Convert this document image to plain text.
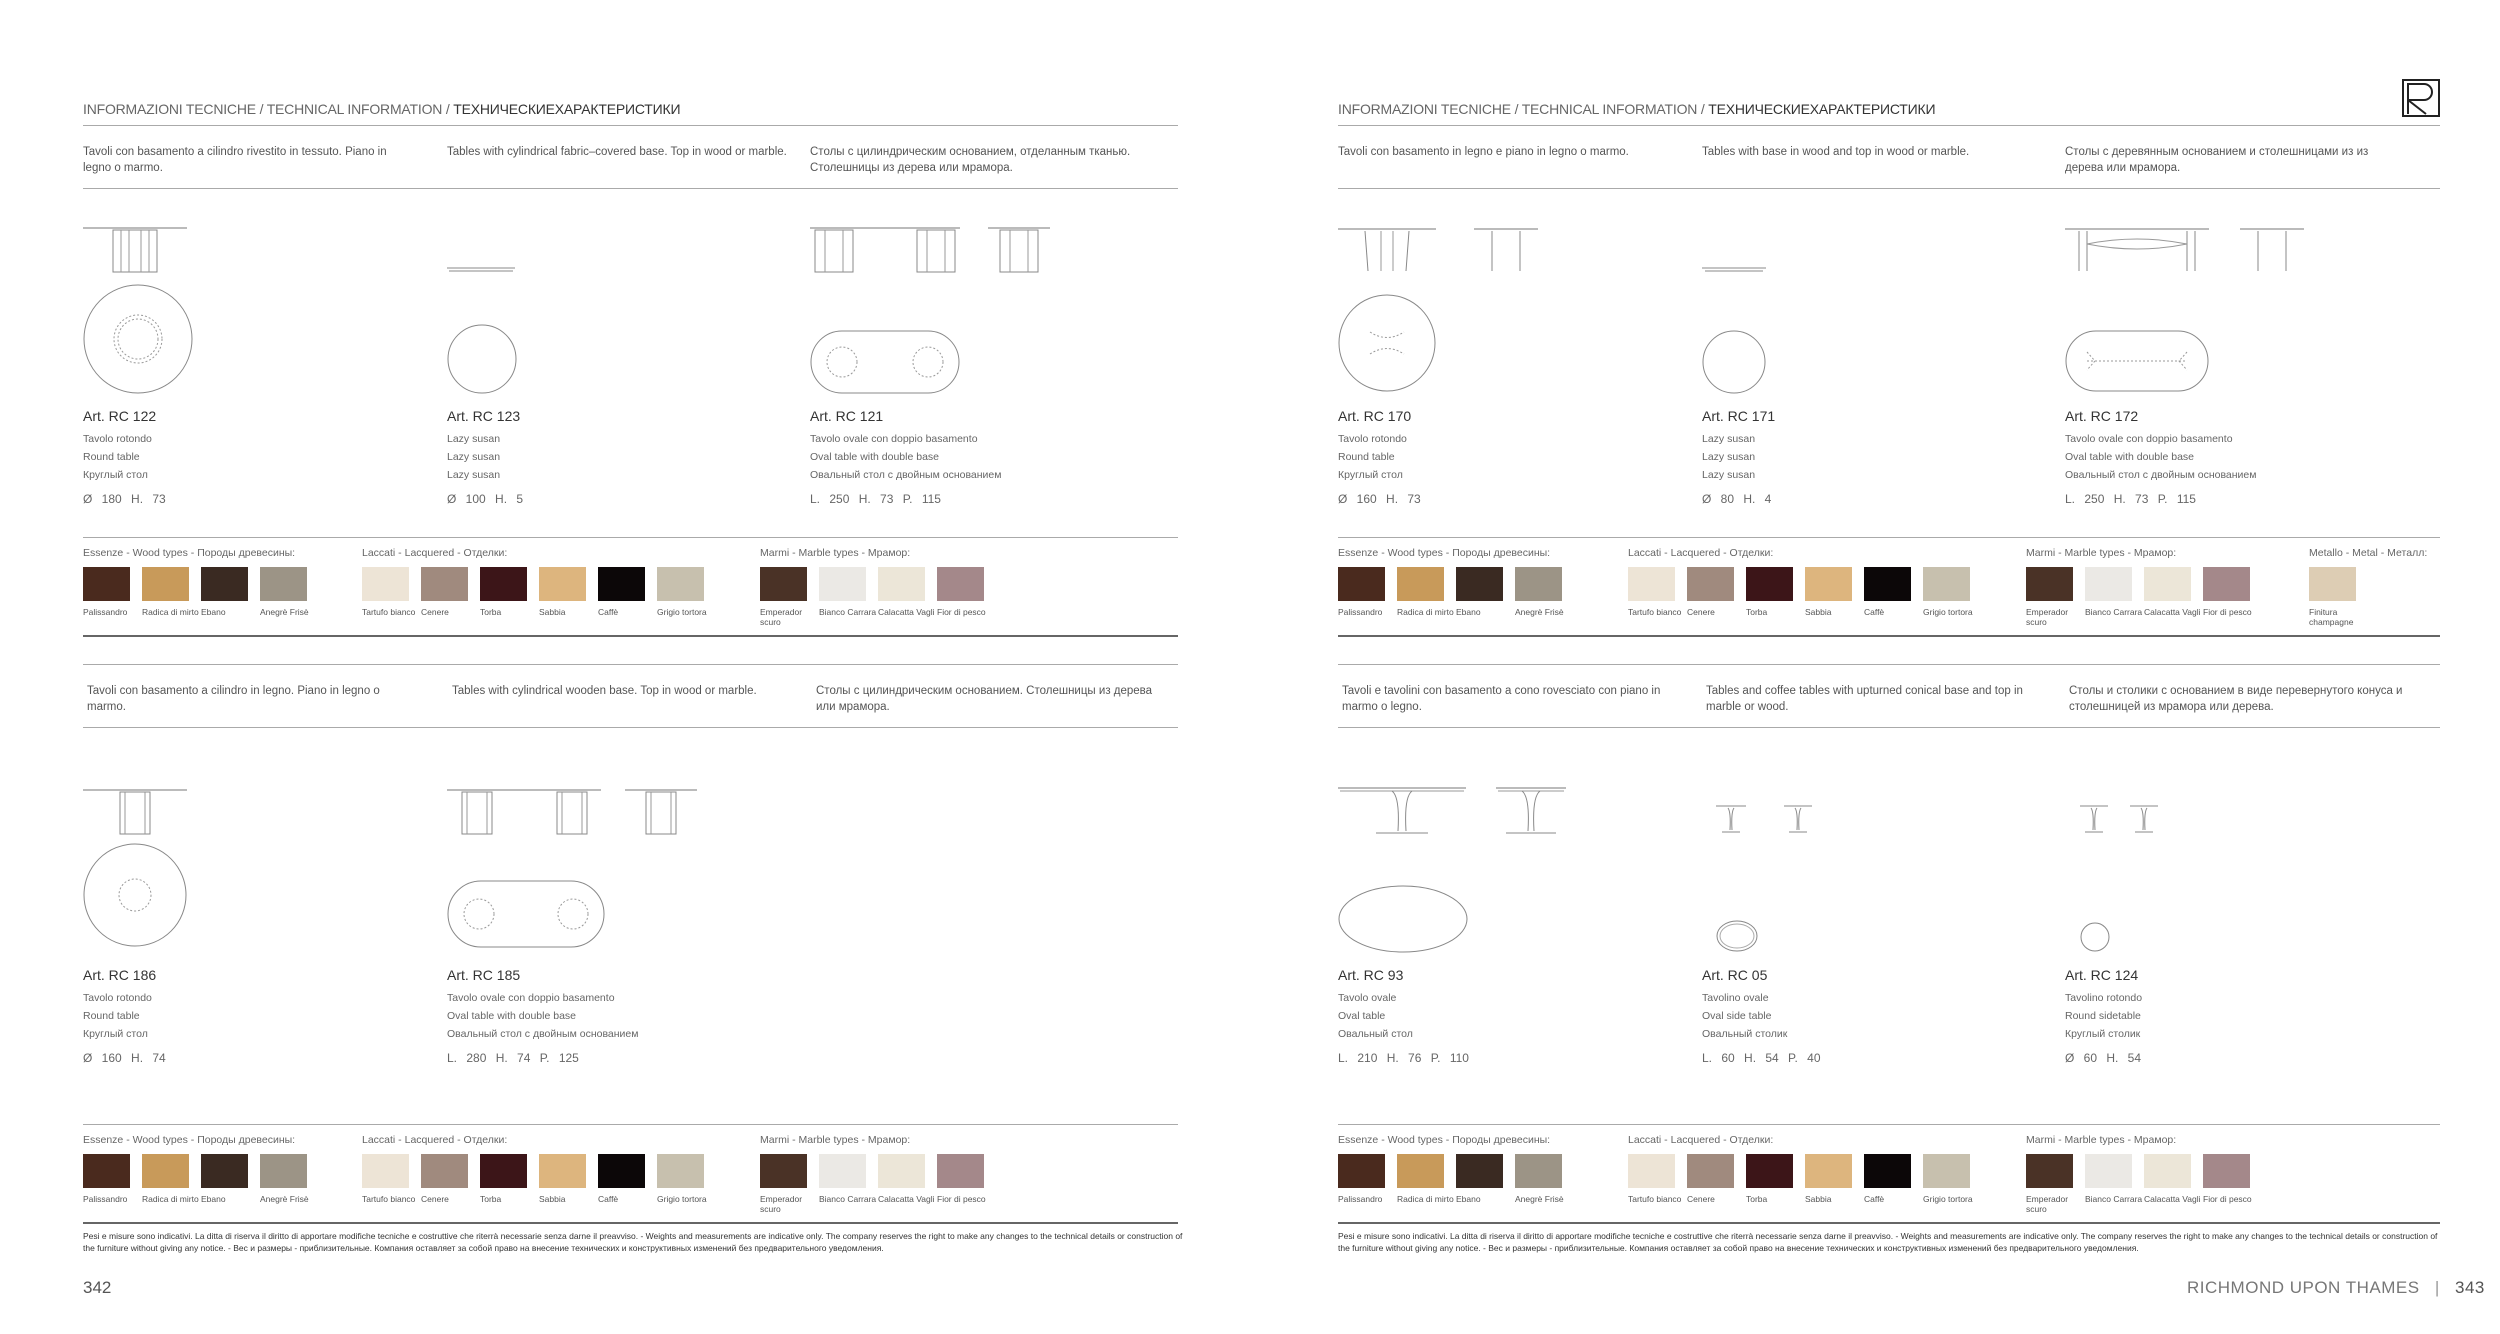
INFORMAZIONI TECNICHE / TECHNICAL INFORMATION / ТЕХНИЧЕСКИЕХАРАКТЕРИСТИКИ
Tavoli con basamento a cilindro rivestito in tessuto. Piano in legno o marmo.
Tables with cylindrical fabric–covered base. Top in wood or marble.	Столы с цилиндрическим основанием, отделанным тканью. Столешницы из дерева или мрамора.
Art. RC 122
Tavolo rotondo
Round table
Круглый стол
Ø 180 H. 73
Art. RC 123
Lazy susan
Lazy susan
Lazy susan
Ø 100 H. 5
Art. RC 121
Tavolo ovale con doppio basamento
Oval table with double base
Овальный стол с двойным основанием
L. 250 H. 73 P. 115
Essenze - Wood types - Породы древесины:	Laccati - Lacquered - Отделки:	Marmi - Marble types - Мрамор:
Palissandro	Radica di mirto Ebano	Anegrè Frisè	Tartufo bianco Cenere	Torba	Sabbia	Caffè	Grigio tortora	Emperador scuro
Bianco Carrara Calacatta Vagli Fior di pesco
Tavoli con basamento a cilindro in legno. Piano in legno o marmo.
Tables with cylindrical wooden base. Top in wood or marble.	Столы с цилиндрическим основанием. Столешницы из дерева или мрамора.
Art. RC 186
Tavolo rotondo
Round table
Круглый стол
Ø 160 H. 74
Art. RC 185
Tavolo ovale con doppio basamento
Oval table with double base
Овальный стол с двойным основанием
L. 280 H. 74 P. 125
Essenze - Wood types - Породы древесины:	Laccati - Lacquered - Отделки:	Marmi - Marble types - Мрамор:
Palissandro	Radica di mirto Ebano	Anegrè Frisè	Tartufo bianco Cenere	Torba	Sabbia	Caffè	Grigio tortora	Emperador scuro
Bianco Carrara Calacatta Vagli Fior di pesco
Pesi e misure sono indicativi. La ditta di riserva il diritto di apportare modifiche tecniche e costruttive che riterrà necessarie senza darne il preavviso. - Weights and measurements are indicative only. The company reserves the right to make any changes to the technical details or construction of the furniture without giving any notice. - Вес и размеры - приблизительные. Компания оставляет за собой право на внесение технических и конструктивных изменений без предварительного уведомления.
342
INFORMAZIONI TECNICHE / TECHNICAL INFORMATION / ТЕХНИЧЕСКИЕХАРАКТЕРИСТИКИ
Tavoli con basamento in legno e piano in legno o marmo.	Tables with base in wood and top in wood or marble.	Столы с деревянным основанием и столешницами из из дерева или мрамора.
Art. RC 170
Tavolo rotondo
Round table
Круглый стол
Ø 160 H. 73
Art. RC 171
Lazy susan
Lazy susan
Lazy susan
Ø 80 H. 4
Art. RC 172
Tavolo ovale con doppio basamento
Oval table with double base
Овальный стол с двойным основанием
L. 250 H. 73 P. 115
Essenze - Wood types - Породы древесины:	Laccati - Lacquered - Отделки:	Marmi - Marble types - Мрамор:	Metallo - Metal - Металл:
Palissandro	Radica di mirto Ebano	Anegrè Frisè	Tartufo bianco Cenere	Torba	Sabbia	Caffè	Grigio tortora	Emperador scuro
Bianco Carrara Calacatta Vagli Fior di pesco	Finitura champagne
Tavoli e tavolini con basamento a cono rovesciato con piano in marmo o legno.
Tables and coffee tables with upturned conical base and top in marble or wood.
Столы и столики с основанием в виде перевернутого конуса и столешницей из мрамора или дерева.
Art. RC 93
Tavolo ovale
Oval table
Овальный стол
L. 210 H. 76 P. 110
Art. RC 05
Tavolino ovale
Oval side table
Овальный столик
L. 60 H. 54 P. 40
Art. RC 124
Tavolino rotondo
Round sidetable
Круглый столик
Ø 60 H. 54
Essenze - Wood types - Породы древесины:	Laccati - Lacquered - Отделки:	Marmi - Marble types - Мрамор:
Palissandro	Radica di mirto Ebano	Anegrè Frisè	Tartufo bianco Cenere	Torba	Sabbia	Caffè	Grigio tortora	Emperador scuro
Bianco Carrara Calacatta Vagli Fior di pesco
Pesi e misure sono indicativi. La ditta di riserva il diritto di apportare modifiche tecniche e costruttive che riterrà necessarie senza darne il preavviso. - Weights and measurements are indicative only. The company reserves the right to make any changes to the technical details or construction of the furniture without giving any notice. - Вес и размеры - приблизительные. Компания оставляет за собой право на внесение технических и конструктивных изменений без предварительного уведомления.
RICHMOND UPON THAMES | 343
